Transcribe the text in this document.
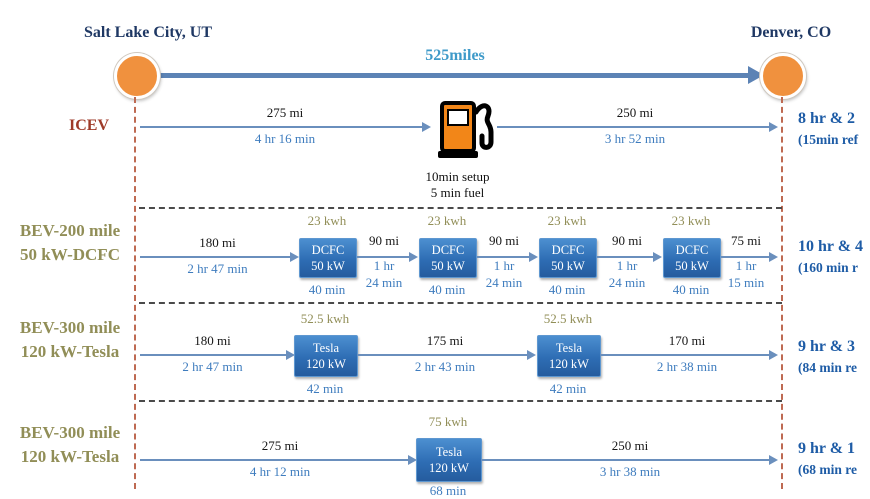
Salt Lake City, UT	Denver, CO
525miles
ICEV
275 mi
4 hr 16 min
10min setup
5 min fuel
250 mi
3 hr 52 min
8 hr & 2
(15min ref
BEV-200 mile
50 kW-DCFC
180 mi
2 hr 47 min
23 kwh
DCFC
50 kW
40 min
90 mi
1 hr
24 min
23 kwh
DCFC
50 kW
40 min
90 mi
1 hr
24 min
23 kwh
DCFC
50 kW
40 min
90 mi
1 hr
24 min
23 kwh
DCFC
50 kW
40 min
75 mi
1 hr
15 min
10 hr & 4
(160 min r
BEV-300 mile
120 kW-Tesla
180 mi
2 hr 47 min
52.5 kwh
Tesla
120 kW
42 min
175 mi
2 hr 43 min
52.5 kwh
Tesla
120 kW
42 min
170 mi
2 hr 38 min
9 hr & 3
(84 min re
BEV-300 mile
120 kW-Tesla
275 mi
4 hr 12 min
75 kwh
Tesla
120 kW
68 min
250 mi
3 hr 38 min
9 hr & 1
(68 min re
